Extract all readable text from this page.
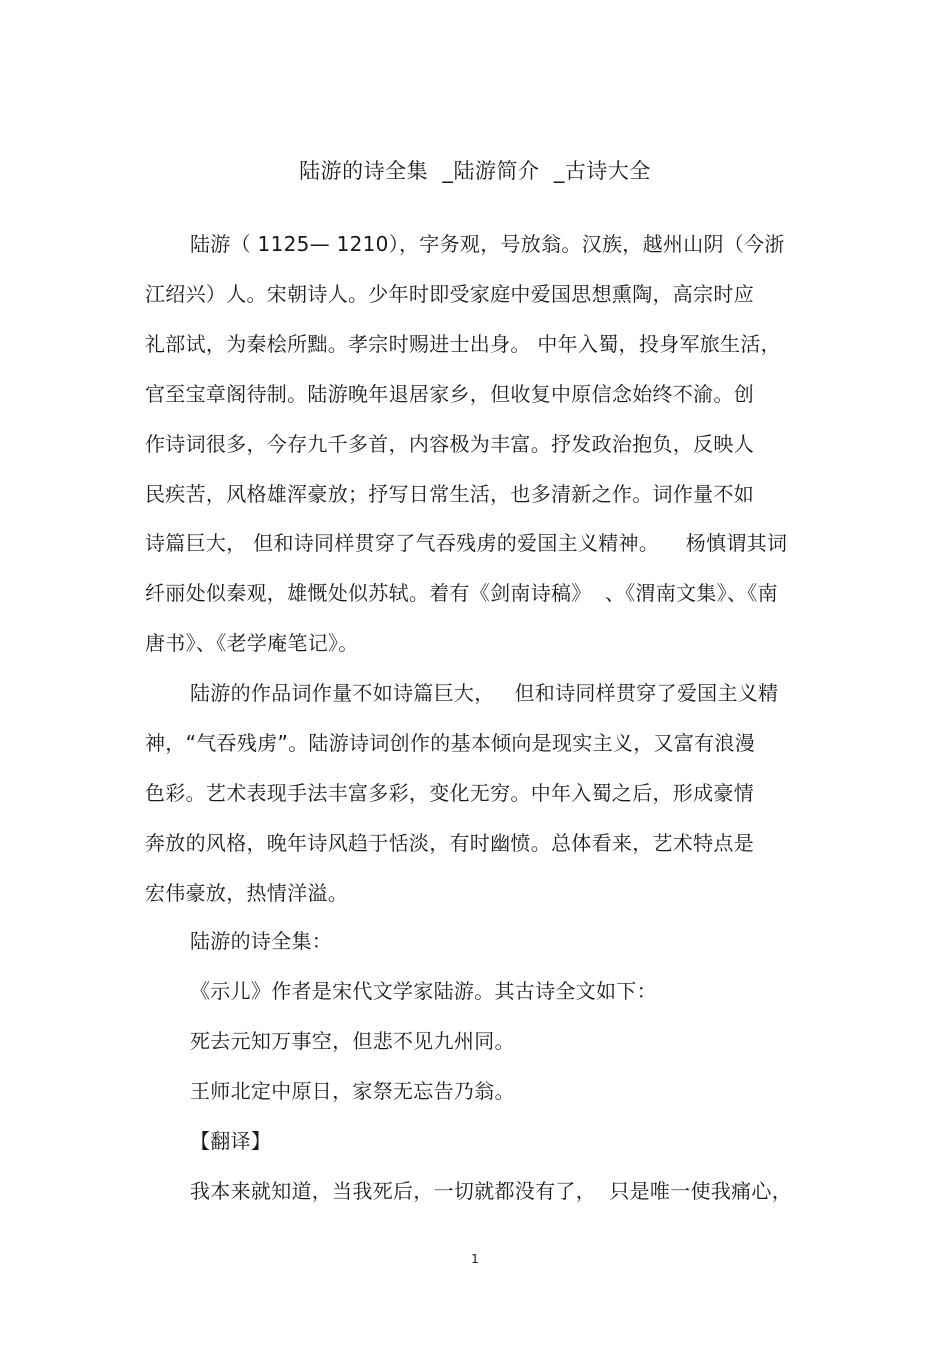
陆游的诗全集  _陆游简介  _古诗大全
陆游（ 1125— 1210），字务观，号放翁。汉族，越州山阴（今浙
江绍兴）人。宋朝诗人。少年时即受家庭中爱国思想熏陶，高宗时应
礼部试，为秦桧所黜。孝宗时赐进士出身。 中年入蜀，投身军旅生活，
官至宝章阁待制。陆游晚年退居家乡，但收复中原信念始终不渝。创
作诗词很多，今存九千多首，内容极为丰富。抒发政治抱负，反映人
民疾苦，风格雄浑豪放；抒写日常生活，也多清新之作。词作量不如
诗篇巨大， 但和诗同样贯穿了气吞残虏的爱国主义精神。    杨慎谓其词
纤丽处似秦观，雄慨处似苏轼。着有《剑南诗稿》  、《渭南文集》、《南
唐书》、《老学庵笔记》。
陆游的作品词作量不如诗篇巨大，   但和诗同样贯穿了爱国主义精
神，“气吞残虏”。陆游诗词创作的基本倾向是现实主义，又富有浪漫
色彩。艺术表现手法丰富多彩，变化无穷。中年入蜀之后，形成豪情
奔放的风格，晚年诗风趋于恬淡，有时幽愤。总体看来，艺术特点是
宏伟豪放，热情洋溢。
陆游的诗全集：
《示儿》作者是宋代文学家陆游。其古诗全文如下：
死去元知万事空，但悲不见九州同。
王师北定中原日，家祭无忘告乃翁。
【翻译】
我本来就知道，当我死后，一切就都没有了，  只是唯一使我痛心，
1
